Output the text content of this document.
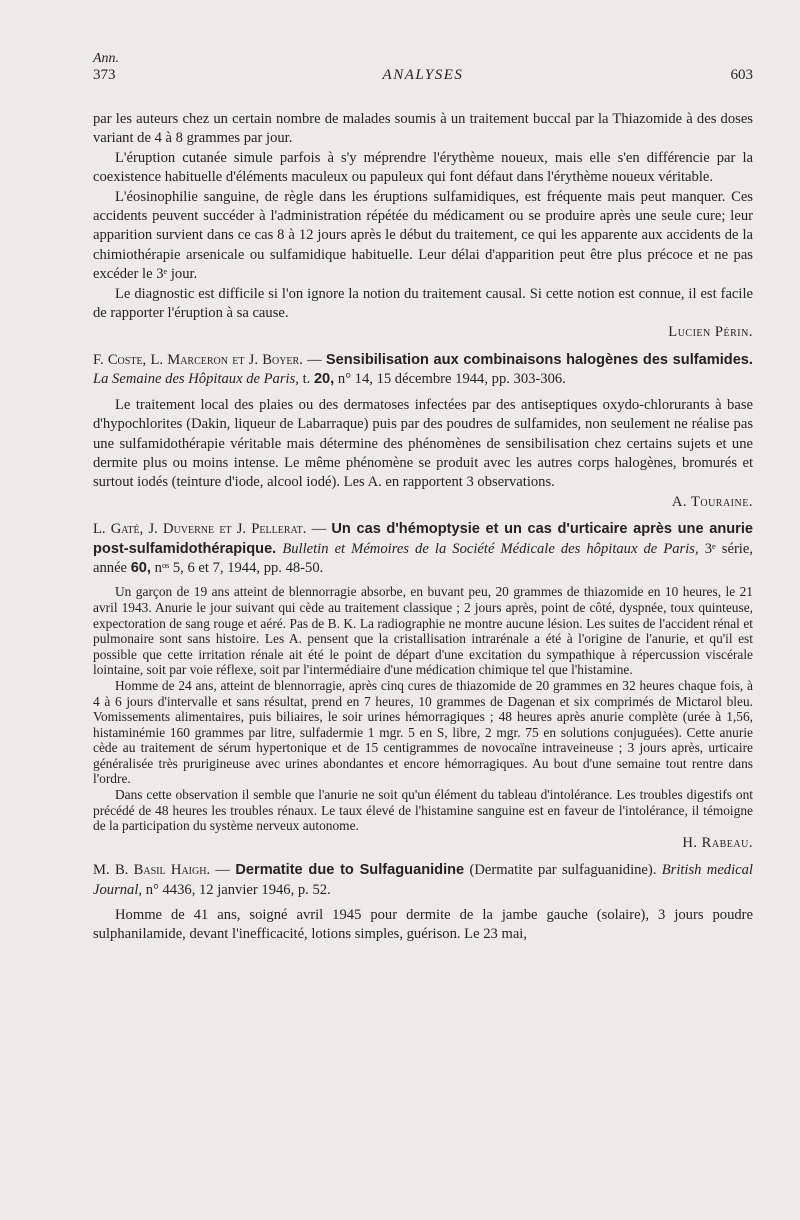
Ann.
373	ANALYSES	603

par les auteurs chez un certain nombre de malades soumis à un traitement buccal par la Thiazomide à des doses variant de 4 à 8 grammes par jour.

L'éruption cutanée simule parfois à s'y méprendre l'érythème noueux, mais elle s'en différencie par la coexistence habituelle d'éléments maculeux ou papuleux qui font défaut dans l'érythème noueux véritable.

L'éosinophilie sanguine, de règle dans les éruptions sulfamidiques, est fréquente mais peut manquer. Ces accidents peuvent succéder à l'administration répétée du médicament ou se produire après une seule cure; leur apparition survient dans ce cas 8 à 12 jours après le début du traitement, ce qui les apparente aux accidents de la chimiothérapie arsenicale ou sulfamidique habituelle. Leur délai d'apparition peut être plus précoce et ne pas excéder le 3ᵉ jour.

Le diagnostic est difficile si l'on ignore la notion du traitement causal. Si cette notion est connue, il est facile de rapporter l'éruption à sa cause.

Lucien Périn.

F. Coste, L. Marceron et J. Boyer. — Sensibilisation aux combinaisons halogènes des sulfamides. La Semaine des Hôpitaux de Paris, t. 20, n° 14, 15 décembre 1944, pp. 303-306.

Le traitement local des plaies ou des dermatoses infectées par des antiseptiques oxydo-chlorurants à base d'hypochlorites (Dakin, liqueur de Labarraque) puis par des poudres de sulfamides, non seulement ne réalise pas une sulfamidothérapie véritable mais détermine des phénomènes de sensibilisation chez certains sujets et une dermite plus ou moins intense. Le même phénomène se produit avec les autres corps halogènes, bromurés et surtout iodés (teinture d'iode, alcool iodé). Les A. en rapportent 3 observations.

A. Touraine.

L. Gaté, J. Duverne et J. Pellerat. — Un cas d'hémoptysie et un cas d'urticaire après une anurie post-sulfamidothérapique. Bulletin et Mémoires de la Société Médicale des hôpitaux de Paris, 3ᵉ série, année 60, nᵒˢ 5, 6 et 7, 1944, pp. 48-50.

Un garçon de 19 ans atteint de blennorragie absorbe, en buvant peu, 20 grammes de thiazomide en 10 heures, le 21 avril 1943. Anurie le jour suivant qui cède au traitement classique ; 2 jours après, point de côté, dyspnée, toux quinteuse, expectoration de sang rouge et aéré. Pas de B. K. La radiographie ne montre aucune lésion. Les suites de l'accident rénal et pulmonaire sont sans histoire. Les A. pensent que la cristallisation intrarénale a été à l'origine de l'anurie, et qu'il est possible que cette irritation rénale ait été le point de départ d'une excitation du sympathique à répercussion viscérale lointaine, soit par voie réflexe, soit par l'intermédiaire d'une médication chimique tel que l'histamine.

Homme de 24 ans, atteint de blennorragie, après cinq cures de thiazomide de 20 grammes en 32 heures chaque fois, à 4 à 6 jours d'intervalle et sans résultat, prend en 7 heures, 10 grammes de Dagenan et six comprimés de Mictarol bleu. Vomissements alimentaires, puis biliaires, le soir urines hémorragiques ; 48 heures après anurie complète (urée à 1,56, histaminémie 160 grammes par litre, sulfadermie 1 mgr. 5 en S, libre, 2 mgr. 75 en solutions conjuguées). Cette anurie cède au traitement de sérum hypertonique et de 15 centigrammes de novocaïne intraveineuse ; 3 jours après, urticaire généralisée très prurigineuse avec urines abondantes et encore hémorragiques. Au bout d'une semaine tout rentre dans l'ordre.

Dans cette observation il semble que l'anurie ne soit qu'un élément du tableau d'intolérance. Les troubles digestifs ont précédé de 48 heures les troubles rénaux. Le taux élevé de l'histamine sanguine est en faveur de l'intolérance, il témoigne de la participation du système nerveux autonome.

H. Rabeau.

M. B. Basil Haigh. — Dermatite due to Sulfaguanidine (Dermatite par sulfaguanidine). British medical Journal, n° 4436, 12 janvier 1946, p. 52.

Homme de 41 ans, soigné avril 1945 pour dermite de la jambe gauche (solaire), 3 jours poudre sulphanilamide, devant l'inefficacité, lotions simples, guérison. Le 23 mai,
